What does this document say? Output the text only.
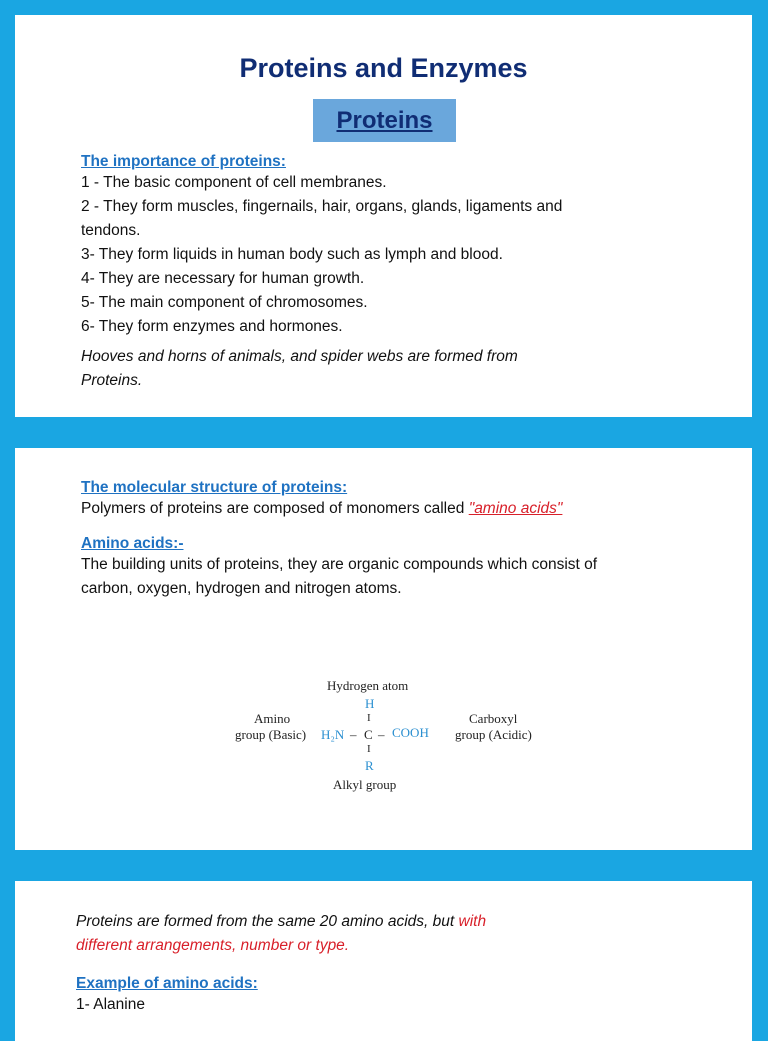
Proteins and Enzymes
Proteins
The importance of proteins:
1 - The basic component of cell membranes.
2 - They form muscles, fingernails, hair, organs, glands, ligaments and
tendons.
3- They form liquids in human body such as lymph and blood.
4- They are necessary for human growth.
5- The main component of chromosomes.
6- They form enzymes and hormones.
Hooves and horns of animals, and spider webs are formed from
Proteins.
The molecular structure of proteins:
Polymers of proteins are composed of monomers called "amino acids"
Amino acids:-
The building units of proteins, they are organic compounds which consist of
carbon, oxygen, hydrogen and nitrogen atoms.
Hydrogen atom
H
I
Amino
group (Basic) H₂N – C – COOH
Carboxyl
group (Acidic)
I
R
Alkyl group
Proteins are formed from the same 20 amino acids, but with
different arrangements, number or type.
Example of amino acids:
1- Alanine
